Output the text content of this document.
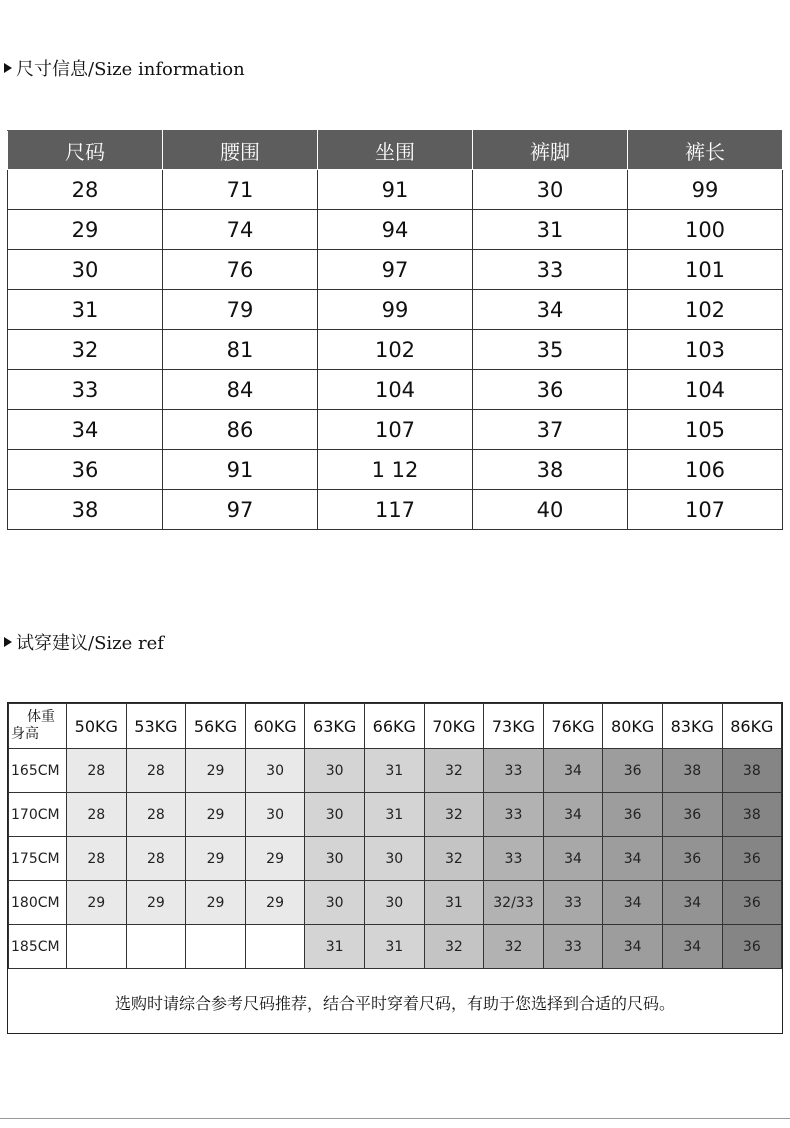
尺寸信息/Size information
尺码	腰围	坐围	裤脚	裤长
28	71	91	30	99
29	74	94	31	100
30	76	97	33	101
31	79	99	34	102
32	81	102	35	103
33	84	104	36	104
34	86	107	37	105
36	91	1 12	38	106
38	97	117	40	107
试穿建议/Size ref
体重
身高	50KG	53KG	56KG	60KG	63KG	66KG	70KG	73KG	76KG	80KG	83KG	86KG
165CM	28	28	29	30	30	31	32	33	34	36	38	38
170CM	28	28	29	30	30	31	32	33	34	36	36	38
175CM	28	28	29	29	30	30	32	33	34	34	36	36
180CM	29	29	29	29	30	30	31	32/33	33	34	34	36
185CM					31	31	32	32	33	34	34	36
选购时请综合参考尺码推荐，结合平时穿着尺码，有助于您选择到合适的尺码。
